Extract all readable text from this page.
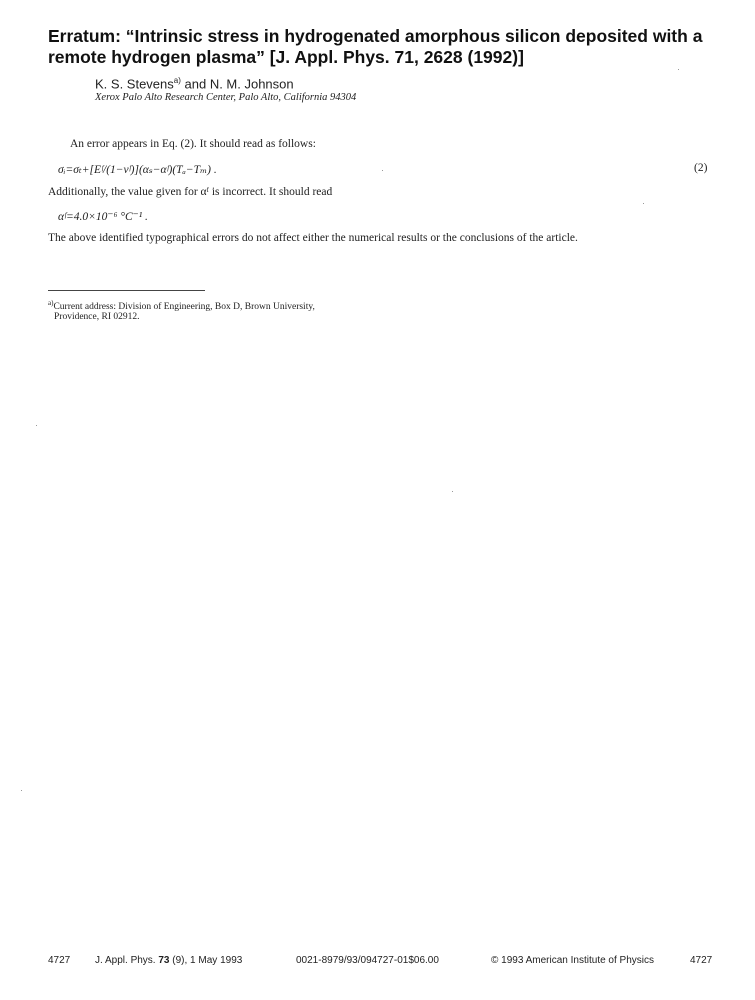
Erratum: “Intrinsic stress in hydrogenated amorphous silicon deposited with a remote hydrogen plasma” [J. Appl. Phys. 71, 2628 (1992)]
K. S. Stevens$^{a)}$ and N. M. Johnson
Xerox Palo Alto Research Center, Palo Alto, California 94304
An error appears in Eq. (2). It should read as follows:
σᵢ=σₜ+[Eᶠ/(1−νᶠ)](αₛ−αᶠ)(Tₐ−Tₘ) .	(2)
Additionally, the value given for αᶠ is incorrect. It should read
αᶠ=4.0×10⁻⁶ °C⁻¹ .
The above identified typographical errors do not affect either the numerical results or the conclusions of the article.
$^{a)}$Current address: Division of Engineering, Box D, Brown University,
Providence, RI 02912.
4727 J. Appl. Phys. 73 (9), 1 May 1993	0021-8979/93/094727-01$06.00	© 1993 American Institute of Physics	4727
